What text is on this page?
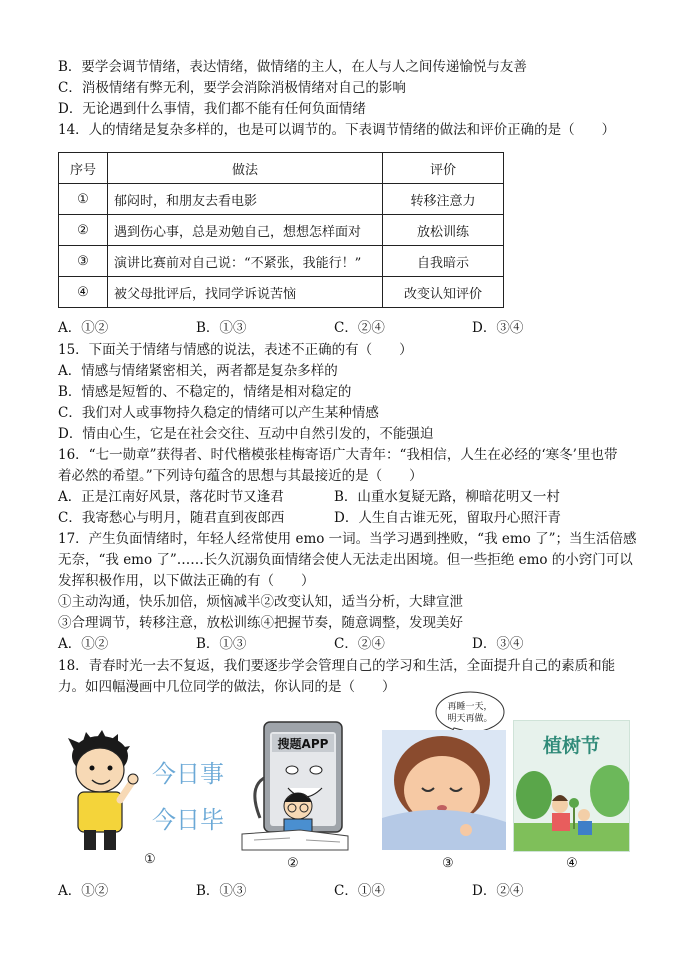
B．要学会调节情绪，表达情绪，做情绪的主人，在人与人之间传递愉悦与友善
C．消极情绪有弊无利，要学会消除消极情绪对自己的影响
D．无论遇到什么事情，我们都不能有任何负面情绪
14．人的情绪是复杂多样的，也是可以调节的。下表调节情绪的做法和评价正确的是（　　）
序号	做法	评价
①	郁闷时，和朋友去看电影	转移注意力
②	遇到伤心事，总是劝勉自己，想想怎样面对	放松训练
③	演讲比赛前对自己说：“不紧张，我能行！”	自我暗示
④	被父母批评后，找同学诉说苦恼	改变认知评价
A．①②	B．①③	C．②④	D．③④
15．下面关于情绪与情感的说法，表述不正确的有（　　）
A．情感与情绪紧密相关，两者都是复杂多样的
B．情感是短暂的、不稳定的，情绪是相对稳定的
C．我们对人或事物持久稳定的情绪可以产生某种情感
D．情由心生，它是在社会交往、互动中自然引发的，不能强迫
16．“七一勋章”获得者、时代楷模张桂梅寄语广大青年：“我相信，人生在必经的‘寒冬’里也带
着必然的希望。”下列诗句蕴含的思想与其最接近的是（　　）
A．正是江南好风景，落花时节又逢君	B．山重水复疑无路，柳暗花明又一村
C．我寄愁心与明月，随君直到夜郎西	D．人生自古谁无死，留取丹心照汗青
17．产生负面情绪时，年轻人经常使用 emo 一词。当学习遇到挫败，“我 emo 了”；当生活倍感
无奈，“我 emo 了”……长久沉溺负面情绪会使人无法走出困境。但一些拒绝 emo 的小窍门可以
发挥积极作用，以下做法正确的有（　　）
①主动沟通，快乐加倍，烦恼减半②改变认知，适当分析，大肆宣泄
③合理调节，转移注意，放松训练④把握节奏，随意调整，发现美好
A．①②	B．①③	C．②④	D．③④
18．青春时光一去不复返，我们要逐步学会管理自己的学习和生活，全面提升自己的素质和能
力。如四幅漫画中几位同学的做法，你认同的是（　　）
今日事
今日毕
搜题APP
再睡一天，
明天再做。
植树节
①	②	③	④
A．①②	B．①③	C．①④	D．②④
